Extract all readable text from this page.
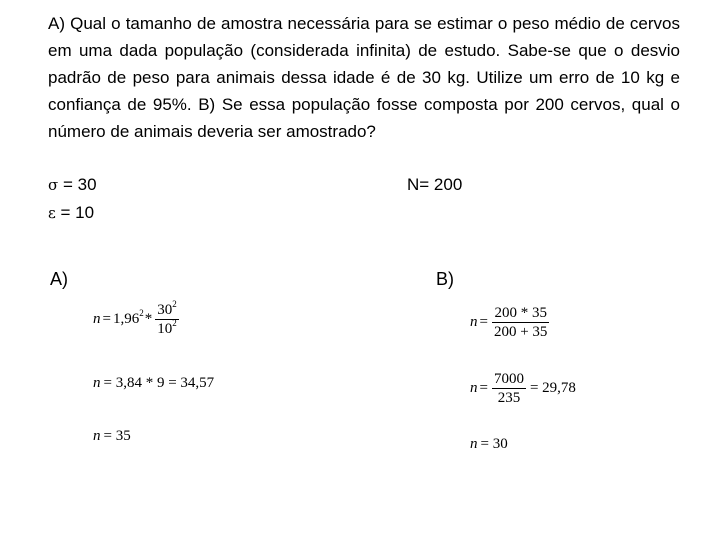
A) Qual o tamanho de amostra necessária para se estimar o peso médio de cervos em uma dada população (considerada infinita) de estudo. Sabe-se que o desvio padrão de peso para animais dessa idade é de 30 kg. Utilize um erro de 10 kg e confiança de 95%. B) Se essa população fosse composta por 200 cervos, qual o número de animais deveria ser amostrado?

σ = 30
ε = 10
N= 200
A)	B)
$n = 1,96^2 * \frac{30^2}{10^2}$
n = 3,84 * 9 = 34,57
n = 35
$n = \frac{200 * 35}{200 + 35}$
$n = \frac{7000}{235} = 29,78$
n = 30
